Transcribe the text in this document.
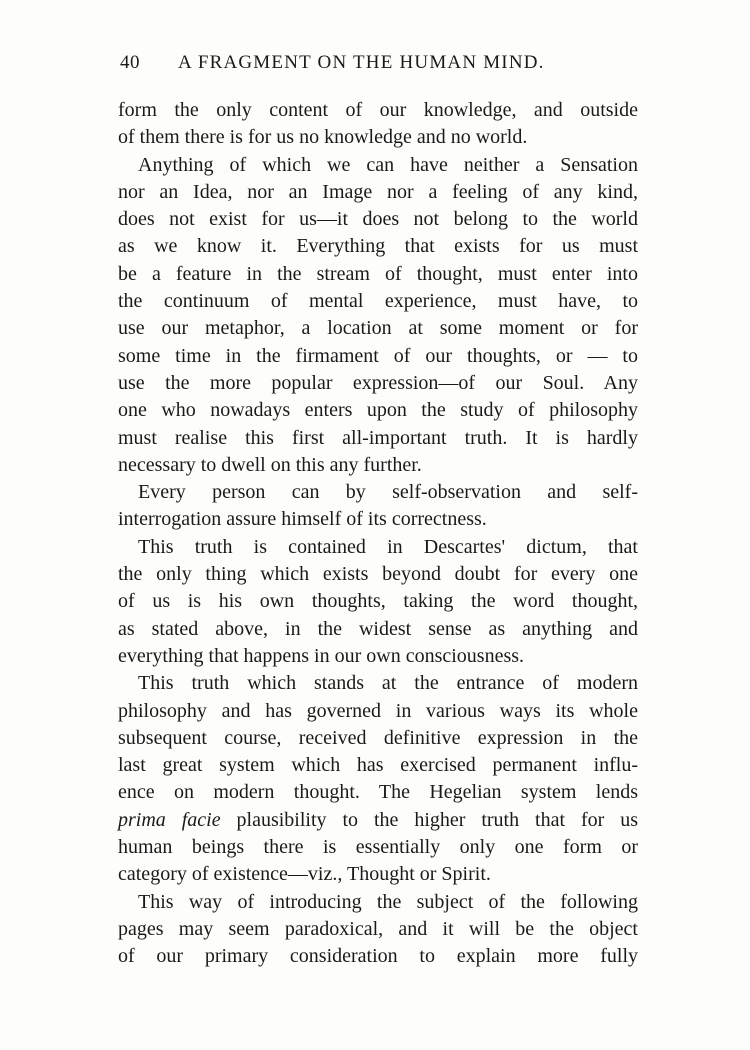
40 A FRAGMENT ON THE HUMAN MIND.

form the only content of our knowledge, and outside
of them there is for us no knowledge and no world.

Anything of which we can have neither a Sensation
nor an Idea, nor an Image nor a feeling of any kind,
does not exist for us—it does not belong to the world
as we know it. Everything that exists for us must
be a feature in the stream of thought, must enter into
the continuum of mental experience, must have, to
use our metaphor, a location at some moment or for
some time in the firmament of our thoughts, or — to
use the more popular expression—of our Soul. Any
one who nowadays enters upon the study of philosophy
must realise this first all-important truth. It is hardly
necessary to dwell on this any further.

Every person can by self-observation and self-
interrogation assure himself of its correctness.

This truth is contained in Descartes' dictum, that
the only thing which exists beyond doubt for every one
of us is his own thoughts, taking the word thought,
as stated above, in the widest sense as anything and
everything that happens in our own consciousness.

This truth which stands at the entrance of modern
philosophy and has governed in various ways its whole
subsequent course, received definitive expression in the
last great system which has exercised permanent influ-
ence on modern thought. The Hegelian system lends
prima facie plausibility to the higher truth that for us
human beings there is essentially only one form or
category of existence—viz., Thought or Spirit.

This way of introducing the subject of the following
pages may seem paradoxical, and it will be the object
of our primary consideration to explain more fully
